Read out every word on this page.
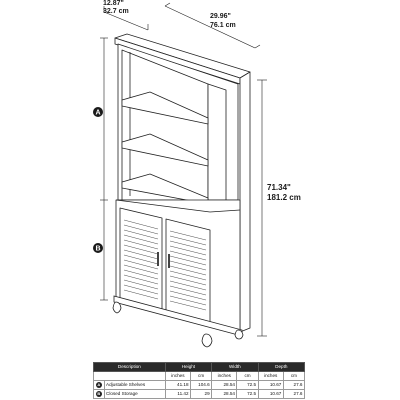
12.87"
32.7 cm
29.96"
76.1 cm
71.34"
181.2 cm
A
B
Description		Height		Width		Depth	
		inches	cm	inches	cm	inches	cm
A	Adjustable Shelves	41.18	104.6	28.54	72.5	10.67	27.6
B	Closed Storage	11.42	29	28.54	72.5	10.67	27.6
